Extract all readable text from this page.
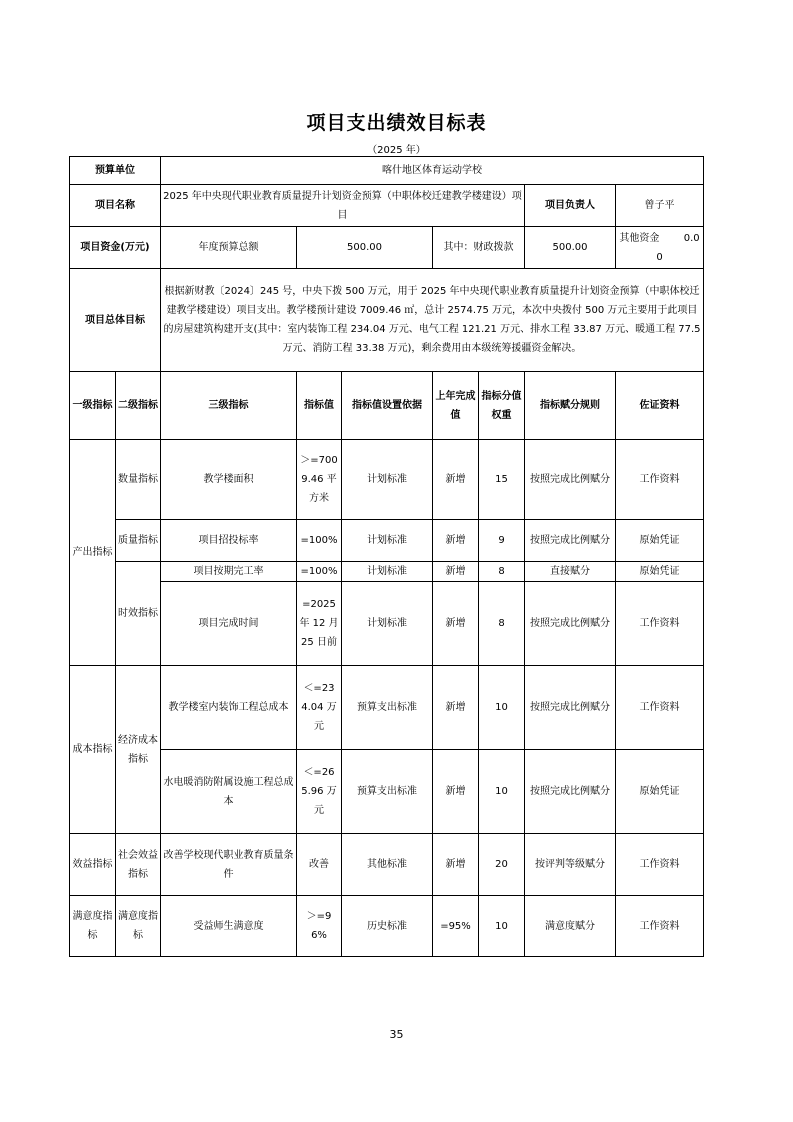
项目支出绩效目标表
（2025 年）
预算单位		喀什地区体育运动学校						
项目名称		2025 年中央现代职业教育质量提升计划资金预算（中职体校迁建教学楼建设）项目					项目负责人	曾子平
项目资金(万元)		年度预算总额	500.00		其中：财政拨款		500.00	其他资金 0.00
项目总体目标		根据新财教〔2024〕245 号，中央下拨 500 万元，用于 2025 年中央现代职业教育质量提升计划资金预算（中职体校迁建教学楼建设）项目支出。教学楼预计建设 7009.46 ㎡，总计 2574.75 万元，本次中央拨付 500 万元主要用于此项目的房屋建筑构建开支(其中：室内装饰工程 234.04 万元、电气工程 121.21 万元、排水工程 33.87 万元、暖通工程 77.5 万元、消防工程 33.38 万元)，剩余费用由本级统筹援疆资金解决。						
一级指标	二级指标	三级指标	指标值	指标值设置依据	上年完成值	指标分值权重	指标赋分规则	佐证资料
产出指标	数量指标	教学楼面积	＞=7009.46 平方米	计划标准	新增	15	按照完成比例赋分	工作资料
	质量指标	项目招投标率	=100%	计划标准	新增	9	按照完成比例赋分	原始凭证
	时效指标	项目按期完工率	=100%	计划标准	新增	8	直接赋分	原始凭证
		项目完成时间	=2025 年 12 月 25 日前	计划标准	新增	8	按照完成比例赋分	工作资料
成本指标	经济成本指标	教学楼室内装饰工程总成本	＜=234.04 万元	预算支出标准	新增	10	按照完成比例赋分	工作资料
		水电暖消防附属设施工程总成本	＜=265.96 万元	预算支出标准	新增	10	按照完成比例赋分	原始凭证
效益指标	社会效益指标	改善学校现代职业教育质量条件	改善	其他标准	新增	20	按评判等级赋分	工作资料
满意度指标	满意度指标	受益师生满意度	＞=96%	历史标准	=95%	10	满意度赋分	工作资料
35
